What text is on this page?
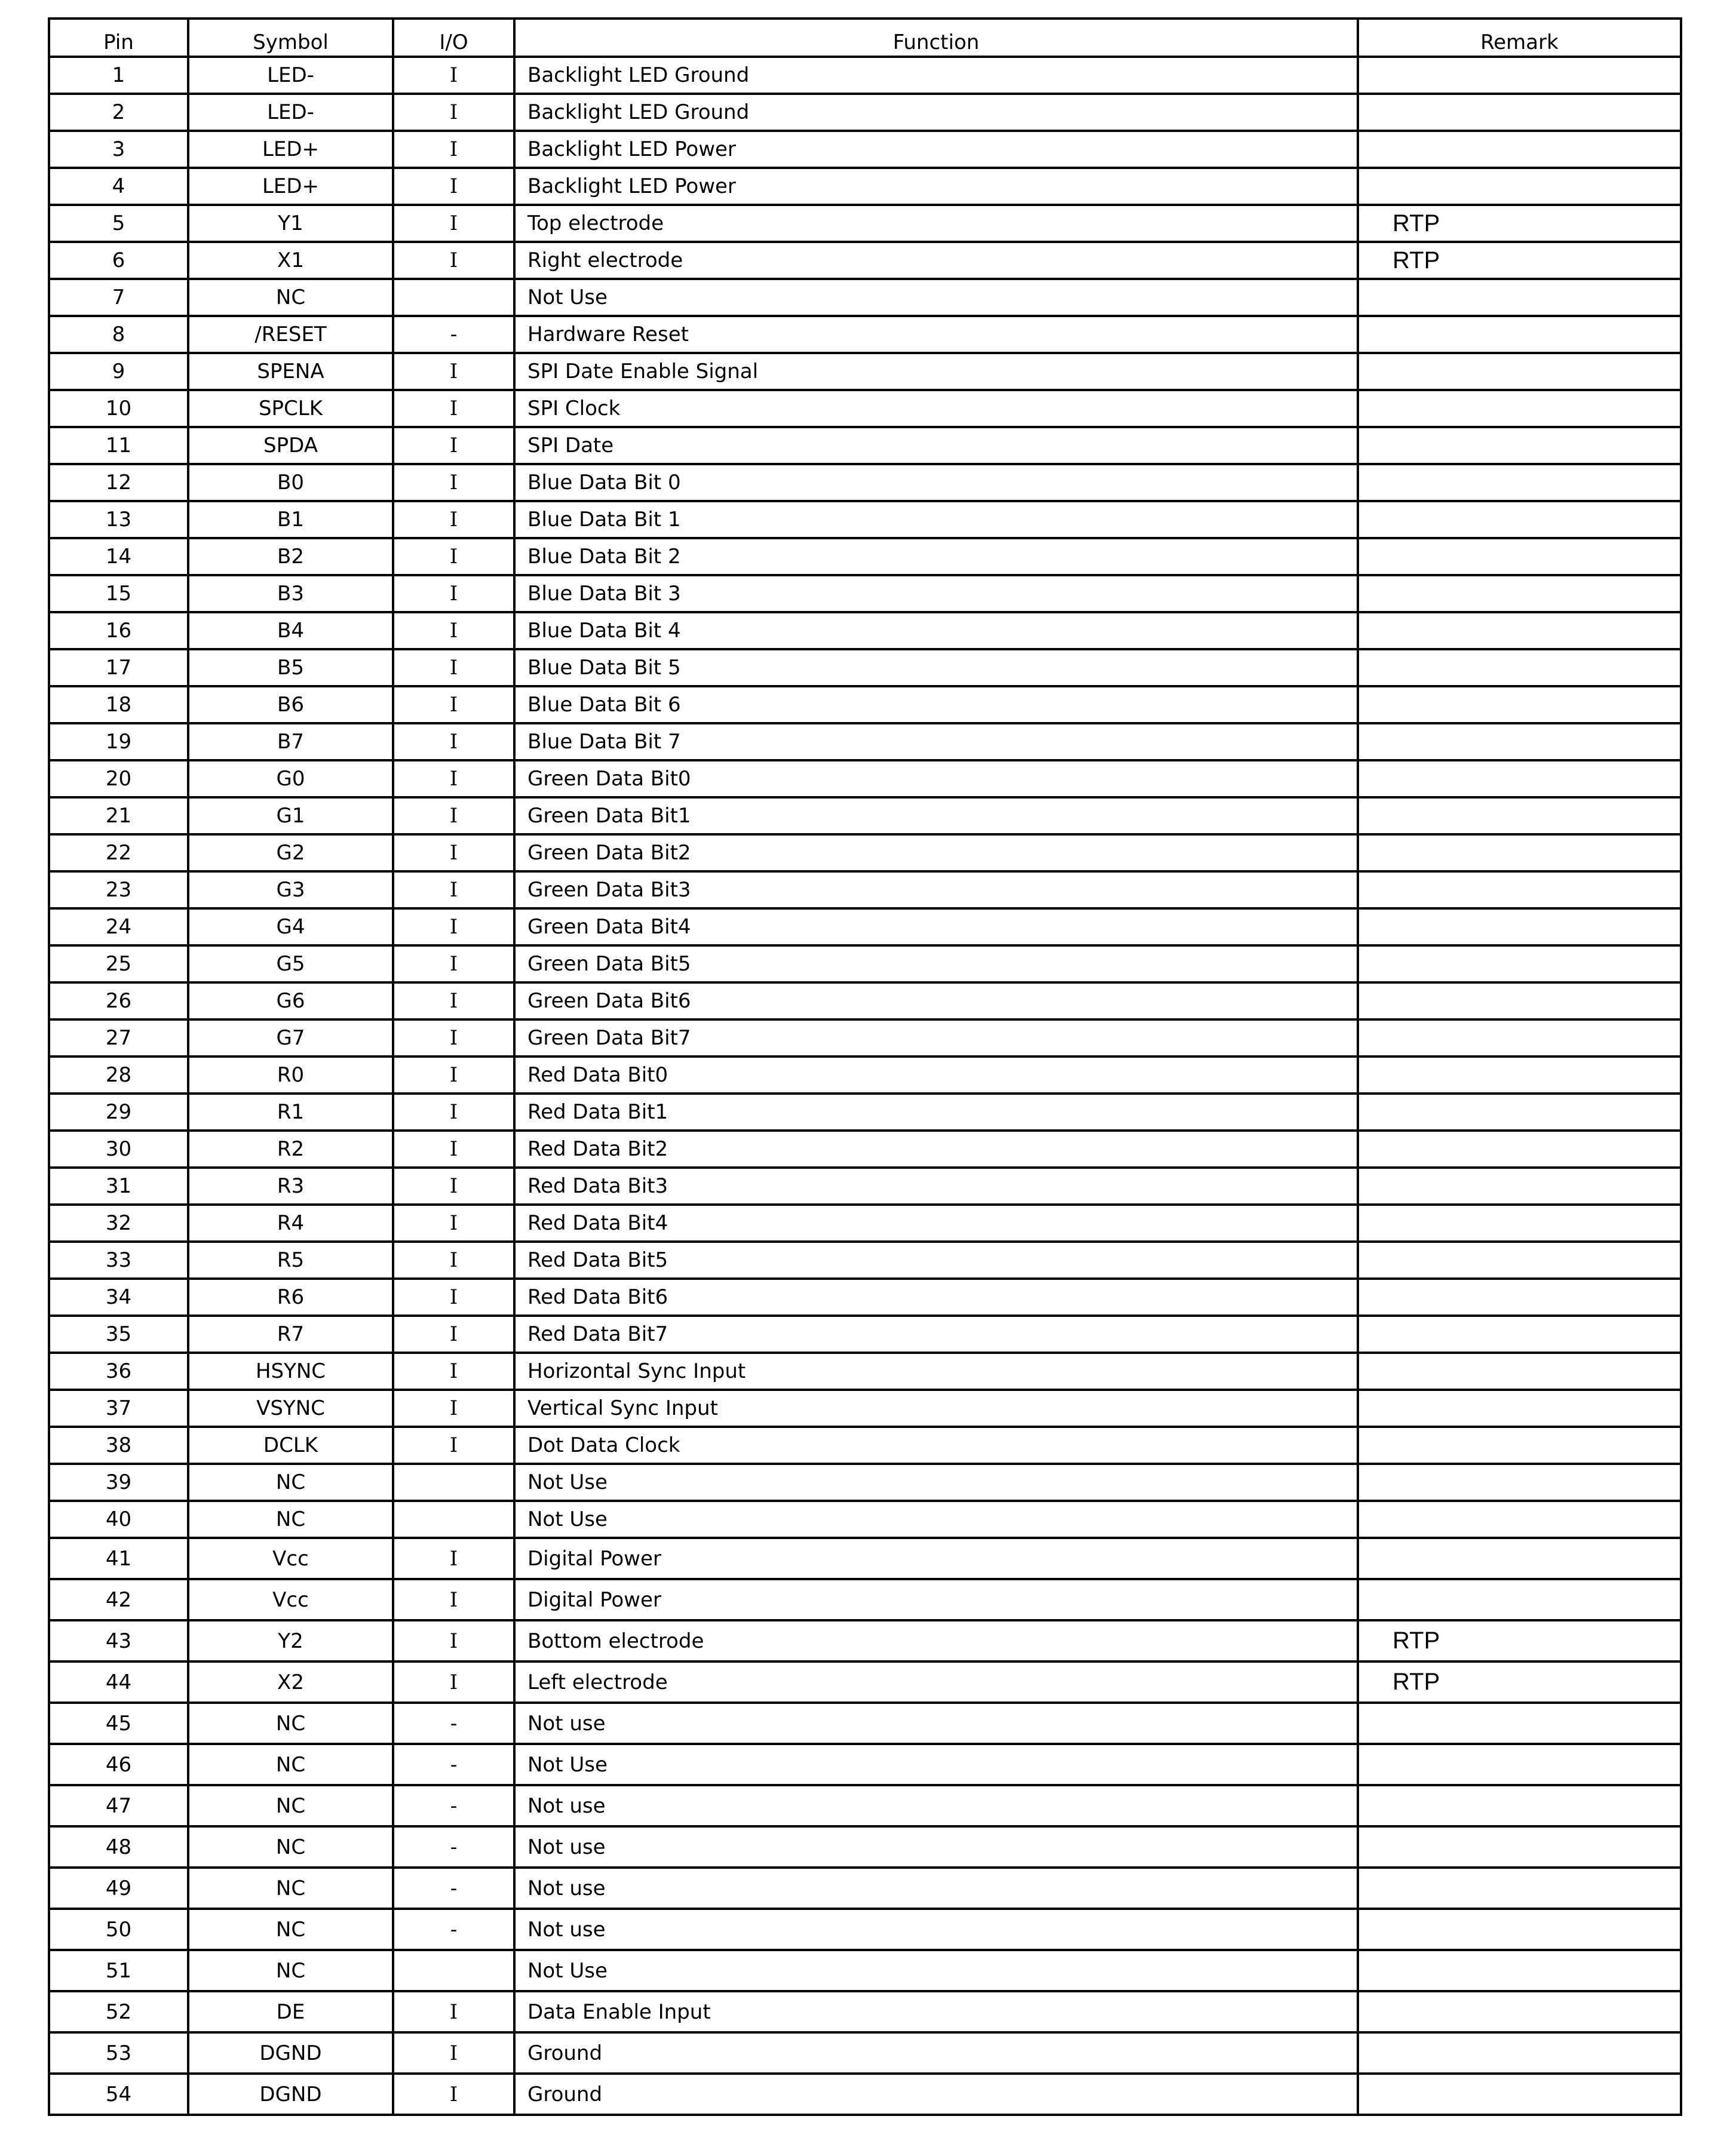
Pin	Symbol	I/O	Function	Remark
1	LED-	I	Backlight LED Ground	
2	LED-	I	Backlight LED Ground	
3	LED+	I	Backlight LED Power	
4	LED+	I	Backlight LED Power	
5	Y1	I	Top electrode	RTP
6	X1	I	Right electrode	RTP
7	NC		Not Use	
8	/RESET	-	Hardware Reset	
9	SPENA	I	SPI Date Enable Signal	
10	SPCLK	I	SPI Clock	
11	SPDA	I	SPI Date	
12	B0	I	Blue Data Bit 0	
13	B1	I	Blue Data Bit 1	
14	B2	I	Blue Data Bit 2	
15	B3	I	Blue Data Bit 3	
16	B4	I	Blue Data Bit 4	
17	B5	I	Blue Data Bit 5	
18	B6	I	Blue Data Bit 6	
19	B7	I	Blue Data Bit 7	
20	G0	I	Green Data Bit0	
21	G1	I	Green Data Bit1	
22	G2	I	Green Data Bit2	
23	G3	I	Green Data Bit3	
24	G4	I	Green Data Bit4	
25	G5	I	Green Data Bit5	
26	G6	I	Green Data Bit6	
27	G7	I	Green Data Bit7	
28	R0	I	Red Data Bit0	
29	R1	I	Red Data Bit1	
30	R2	I	Red Data Bit2	
31	R3	I	Red Data Bit3	
32	R4	I	Red Data Bit4	
33	R5	I	Red Data Bit5	
34	R6	I	Red Data Bit6	
35	R7	I	Red Data Bit7	
36	HSYNC	I	Horizontal Sync Input	
37	VSYNC	I	Vertical Sync Input	
38	DCLK	I	Dot Data Clock	
39	NC		Not Use	
40	NC		Not Use	
41	Vcc	I	Digital Power	
42	Vcc	I	Digital Power	
43	Y2	I	Bottom electrode	RTP
44	X2	I	Left electrode	RTP
45	NC	-	Not use	
46	NC	-	Not Use	
47	NC	-	Not use	
48	NC	-	Not use	
49	NC	-	Not use	
50	NC	-	Not use	
51	NC		Not Use	
52	DE	I	Data Enable Input	
53	DGND	I	Ground	
54	DGND	I	Ground	
